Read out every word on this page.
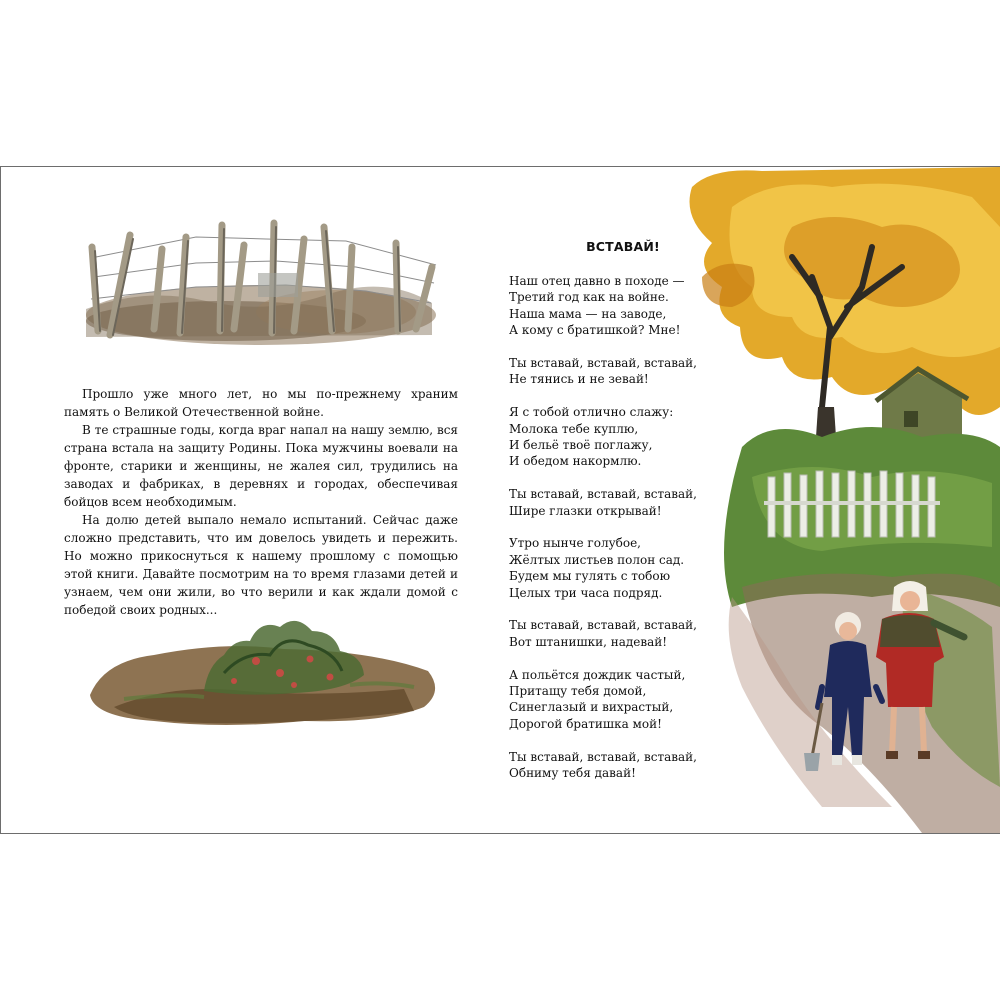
Прошло уже много лет, но мы по-прежнему храним память о Великой Отечественной войне.

В те страшные годы, когда враг напал на нашу землю, вся страна встала на защиту Родины. Пока мужчины воевали на фронте, старики и женщины, не жалея сил, трудились на заводах и фабриках, в деревнях и городах, обеспечивая бойцов всем необходимым.

На долю детей выпало немало испытаний. Сейчас даже сложно представить, что им довелось увидеть и пережить. Но можно прикоснуться к нашему прошлому с помощью этой книги. Давайте посмотрим на то время глазами детей и узнаем, чем они жили, во что верили и как ждали домой с победой своих родных...

ВСТАВАЙ!
Наш отец давно в походе —
Третий год как на войне.
Наша мама — на заводе,
А кому с братишкой? Мне!
Ты вставай, вставай, вставай,
Не тянись и не зевай!
Я с тобой отлично слажу:
Молока тебе куплю,
И бельё твоё поглажу,
И обедом накормлю.
Ты вставай, вставай, вставай,
Шире глазки открывай!
Утро нынче голубое,
Жёлтых листьев полон сад.
Будем мы гулять с тобою
Целых три часа подряд.
Ты вставай, вставай, вставай,
Вот штанишки, надевай!
А польётся дождик частый,
Притащу тебя домой,
Синеглазый и вихрастый,
Дорогой братишка мой!
Ты вставай, вставай, вставай,
Обниму тебя давай!
